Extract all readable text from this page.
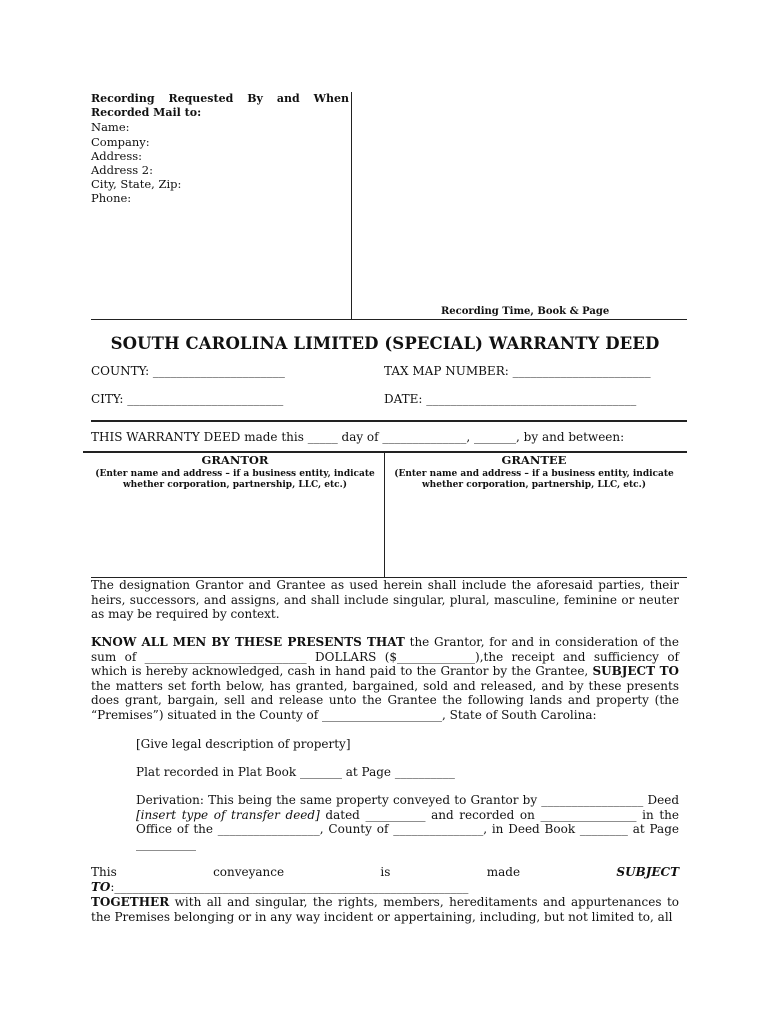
Recording Requested By and When
Recorded Mail to:
Name:
Company:
Address:
Address 2:
City, State, Zip:
Phone:
Recording Time, Book & Page
SOUTH CAROLINA LIMITED (SPECIAL) WARRANTY DEED
COUNTY: ______________________	TAX MAP NUMBER: _______________________
CITY: __________________________	DATE: ___________________________________
THIS WARRANTY DEED made this _____ day of ______________, _______, by and between:
GRANTOR
(Enter name and address – if a business entity, indicate
whether corporation, partnership, LLC, etc.)
GRANTEE
(Enter name and address – if a business entity, indicate
whether corporation, partnership, LLC, etc.)
The designation Grantor and Grantee as used herein shall include the aforesaid parties, their heirs, successors, and assigns, and shall include singular, plural, masculine, feminine or neuter as may be required by context.
KNOW ALL MEN BY THESE PRESENTS THAT the Grantor, for and in consideration of the sum of ___________________________ DOLLARS ($_____________),the receipt and sufficiency of which is hereby acknowledged, cash in hand paid to the Grantor by the Grantee, SUBJECT TO the matters set forth below, has granted, bargained, sold and released, and by these presents does grant, bargain, sell and release unto the Grantee the following lands and property (the “Premises”) situated in the County of ____________________, State of South Carolina:
[Give legal description of property]
Plat recorded in Plat Book _______ at Page __________
Derivation: This being the same property conveyed to Grantor by _________________ Deed [insert type of transfer deed] dated __________ and recorded on ________________ in the Office of the _________________, County of _______________, in Deed Book ________ at Page __________
This conveyance is made SUBJECT TO:___________________________________________________________
TOGETHER with all and singular, the rights, members, hereditaments and appurtenances to the Premises belonging or in any way incident or appertaining, including, but not limited to, all
